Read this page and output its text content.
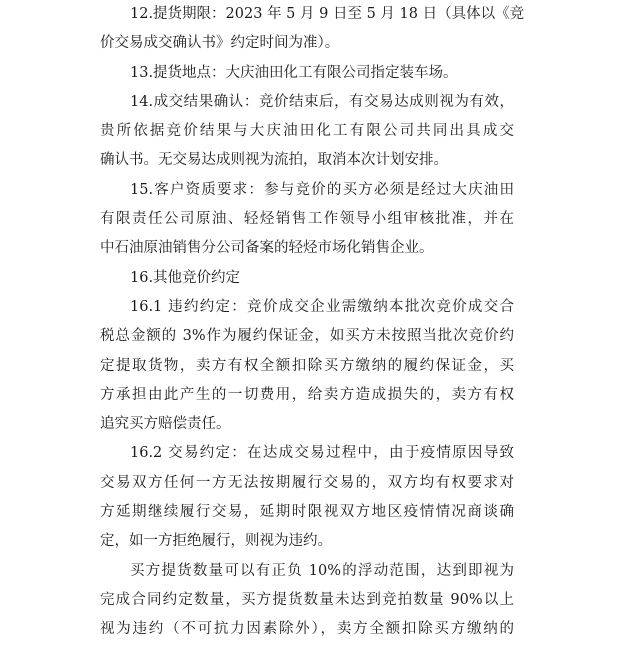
12.提货期限：2023 年 5 月 9 日至 5 月 18 日（具体以《竞
价交易成交确认书》约定时间为准）。
13.提货地点：大庆油田化工有限公司指定装车场。
14.成交结果确认：竞价结束后，有交易达成则视为有效，
贵所依据竞价结果与大庆油田化工有限公司共同出具成交
确认书。无交易达成则视为流拍，取消本次计划安排。
15.客户资质要求：参与竞价的买方必须是经过大庆油田
有限责任公司原油、轻烃销售工作领导小组审核批准，并在
中石油原油销售分公司备案的轻烃市场化销售企业。
16.其他竞价约定
16.1 违约约定：竞价成交企业需缴纳本批次竞价成交合
税总金额的 3%作为履约保证金，如买方未按照当批次竞价约
定提取货物，卖方有权全额扣除买方缴纳的履约保证金，买
方承担由此产生的一切费用，给卖方造成损失的，卖方有权
追究买方赔偿责任。
16.2 交易约定：在达成交易过程中，由于疫情原因导致
交易双方任何一方无法按期履行交易的，双方均有权要求对
方延期继续履行交易，延期时限视双方地区疫情情况商谈确
定，如一方拒绝履行，则视为违约。
买方提货数量可以有正负 10%的浮动范围，达到即视为
完成合同约定数量，买方提货数量未达到竞拍数量 90%以上
视为违约（不可抗力因素除外），卖方全额扣除买方缴纳的
